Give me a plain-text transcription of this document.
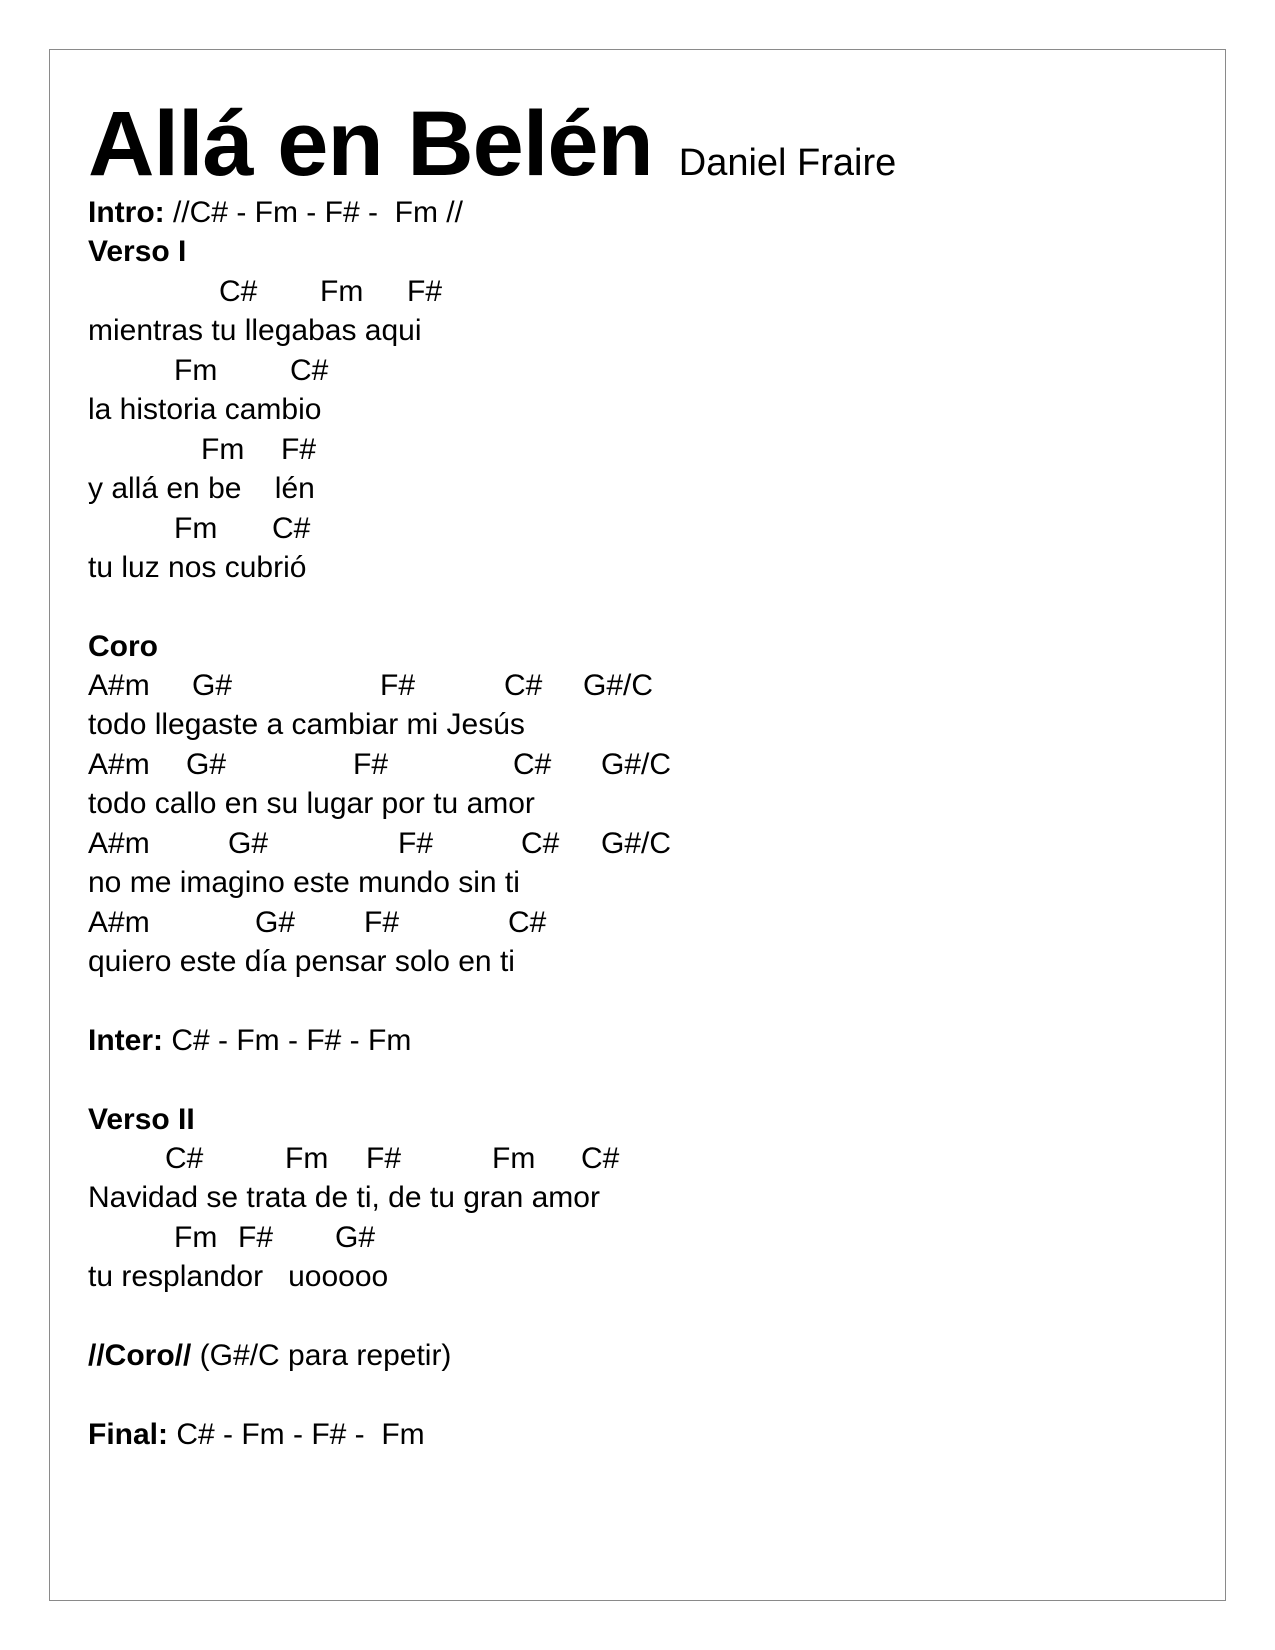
Allá en Belén Daniel Fraire
Intro: //C# - Fm - F# -  Fm //
Verso I
C# Fm F#
mientras tu llegabas aqui
Fm C#
la historia cambio
Fm F#
y allá en be    lén
Fm C#
tu luz nos cubrió
Coro
A#m G#	F#	C# G#/C
todo llegaste a cambiar mi Jesús
A#m G#	F#	C# G#/C
todo callo en su lugar por tu amor
A#m	G#	F#	C# G#/C
no me imagino este mundo sin ti
A#m	G# F#	C#
quiero este día pensar solo en ti
Inter: C# - Fm - F# - Fm
Verso II
C#	Fm F#	Fm C#
Navidad se trata de ti, de tu gran amor
Fm F# G#
tu resplandor   uooooo
//Coro// (G#/C para repetir)
Final: C# - Fm - F# -  Fm
